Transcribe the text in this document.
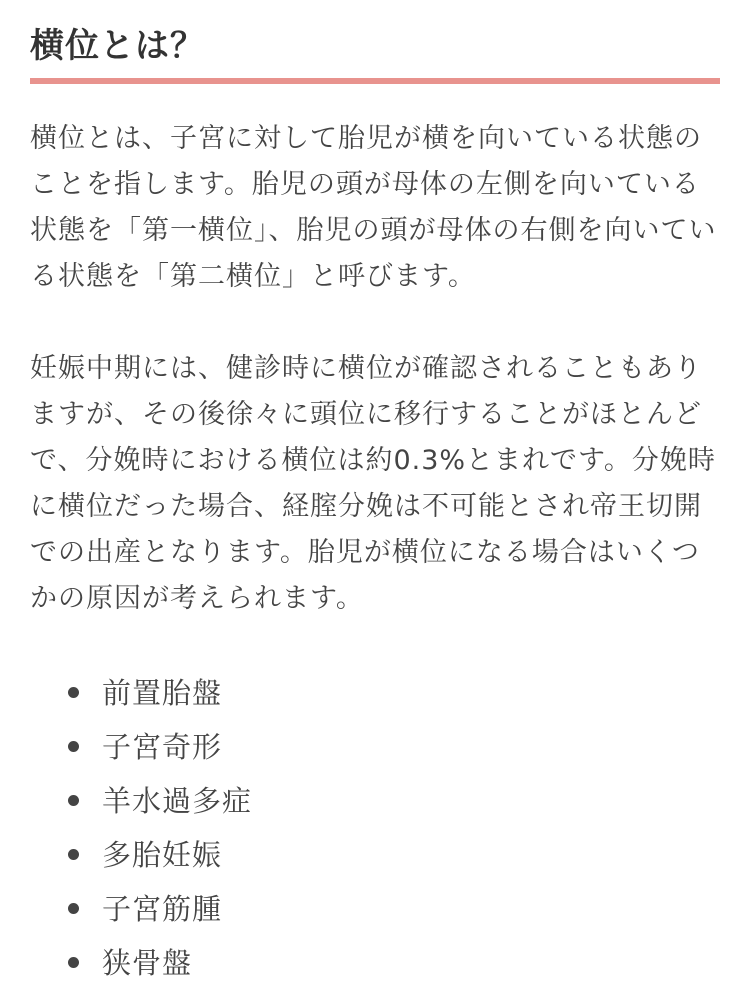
横位とは？

横位とは、子宮に対して胎児が横を向いている状態のことを指します。胎児の頭が母体の左側を向いている状態を「第一横位」、胎児の頭が母体の右側を向いている状態を「第二横位」と呼びます。

妊娠中期には、健診時に横位が確認されることもありますが、その後徐々に頭位に移行することがほとんどで、分娩時における横位は約0.3%とまれです。分娩時に横位だった場合、経腟分娩は不可能とされ帝王切開での出産となります。胎児が横位になる場合はいくつかの原因が考えられます。

前置胎盤
子宮奇形
羊水過多症
多胎妊娠
子宮筋腫
狭骨盤
